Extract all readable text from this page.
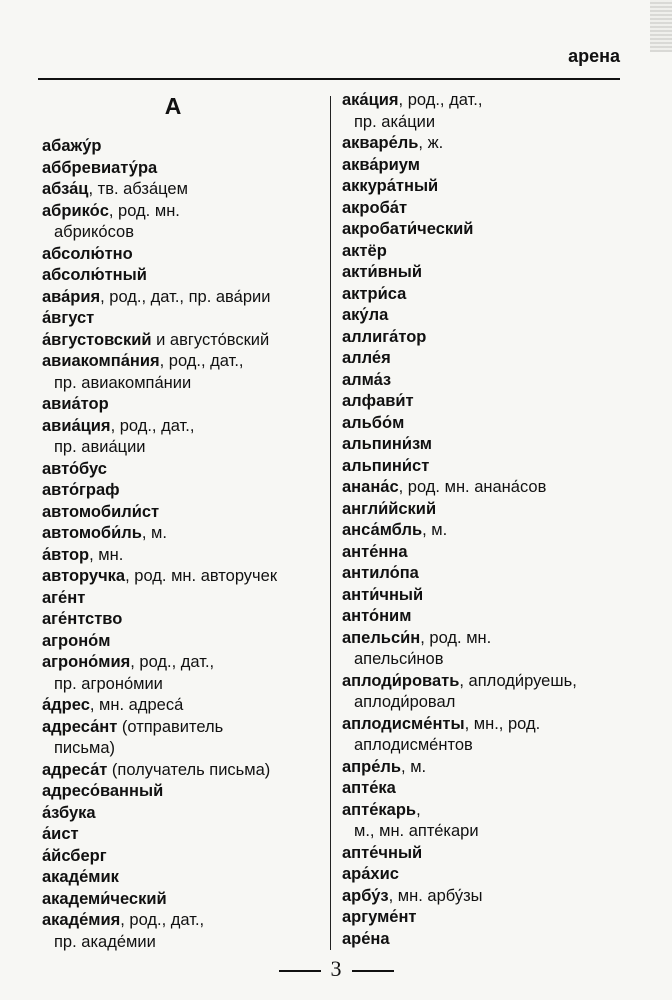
арена
А
абажу́р
аббревиату́ра
абза́ц, тв. абза́цем
абрико́с, род. мн.
абрико́сов
абсолю́тно
абсолю́тный
ава́рия, род., дат., пр. ава́рии
а́вгуст
а́вгустовский и августо́вский
авиакомпа́ния, род., дат.,
пр. авиакомпа́нии
авиа́тор
авиа́ция, род., дат.,
пр. авиа́ции
авто́бус
авто́граф
автомобили́ст
автомоби́ль, м.
а́втор, мн.
авторучка, род. мн. авторучек
аге́нт
аге́нтство
агроно́м
агроно́мия, род., дат.,
пр. агроно́мии
а́дрес, мн. адреса́
адреса́нт (отправитель
письма)
адреса́т (получатель письма)
адресо́ванный
а́збука
а́ист
а́йсберг
акаде́мик
академи́ческий
акаде́мия, род., дат.,
пр. акаде́мии
ака́ция, род., дат.,
пр. ака́ции
акваре́ль, ж.
аква́риум
аккура́тный
акроба́т
акробати́ческий
актёр
акти́вный
актри́са
аку́ла
аллига́тор
алле́я
алма́з
алфави́т
альбо́м
альпини́зм
альпини́ст
анана́с, род. мн. анана́сов
англи́йский
анса́мбль, м.
анте́нна
антило́па
анти́чный
анто́ним
апельси́н, род. мн.
апельси́нов
аплоди́ровать, аплоди́руешь,
аплоди́ровал
аплодисме́нты, мн., род.
аплодисме́нтов
апре́ль, м.
апте́ка
апте́карь,
м., мн. апте́кари
апте́чный
ара́хис
арбу́з, мн. арбу́зы
аргуме́нт
аре́на
3
